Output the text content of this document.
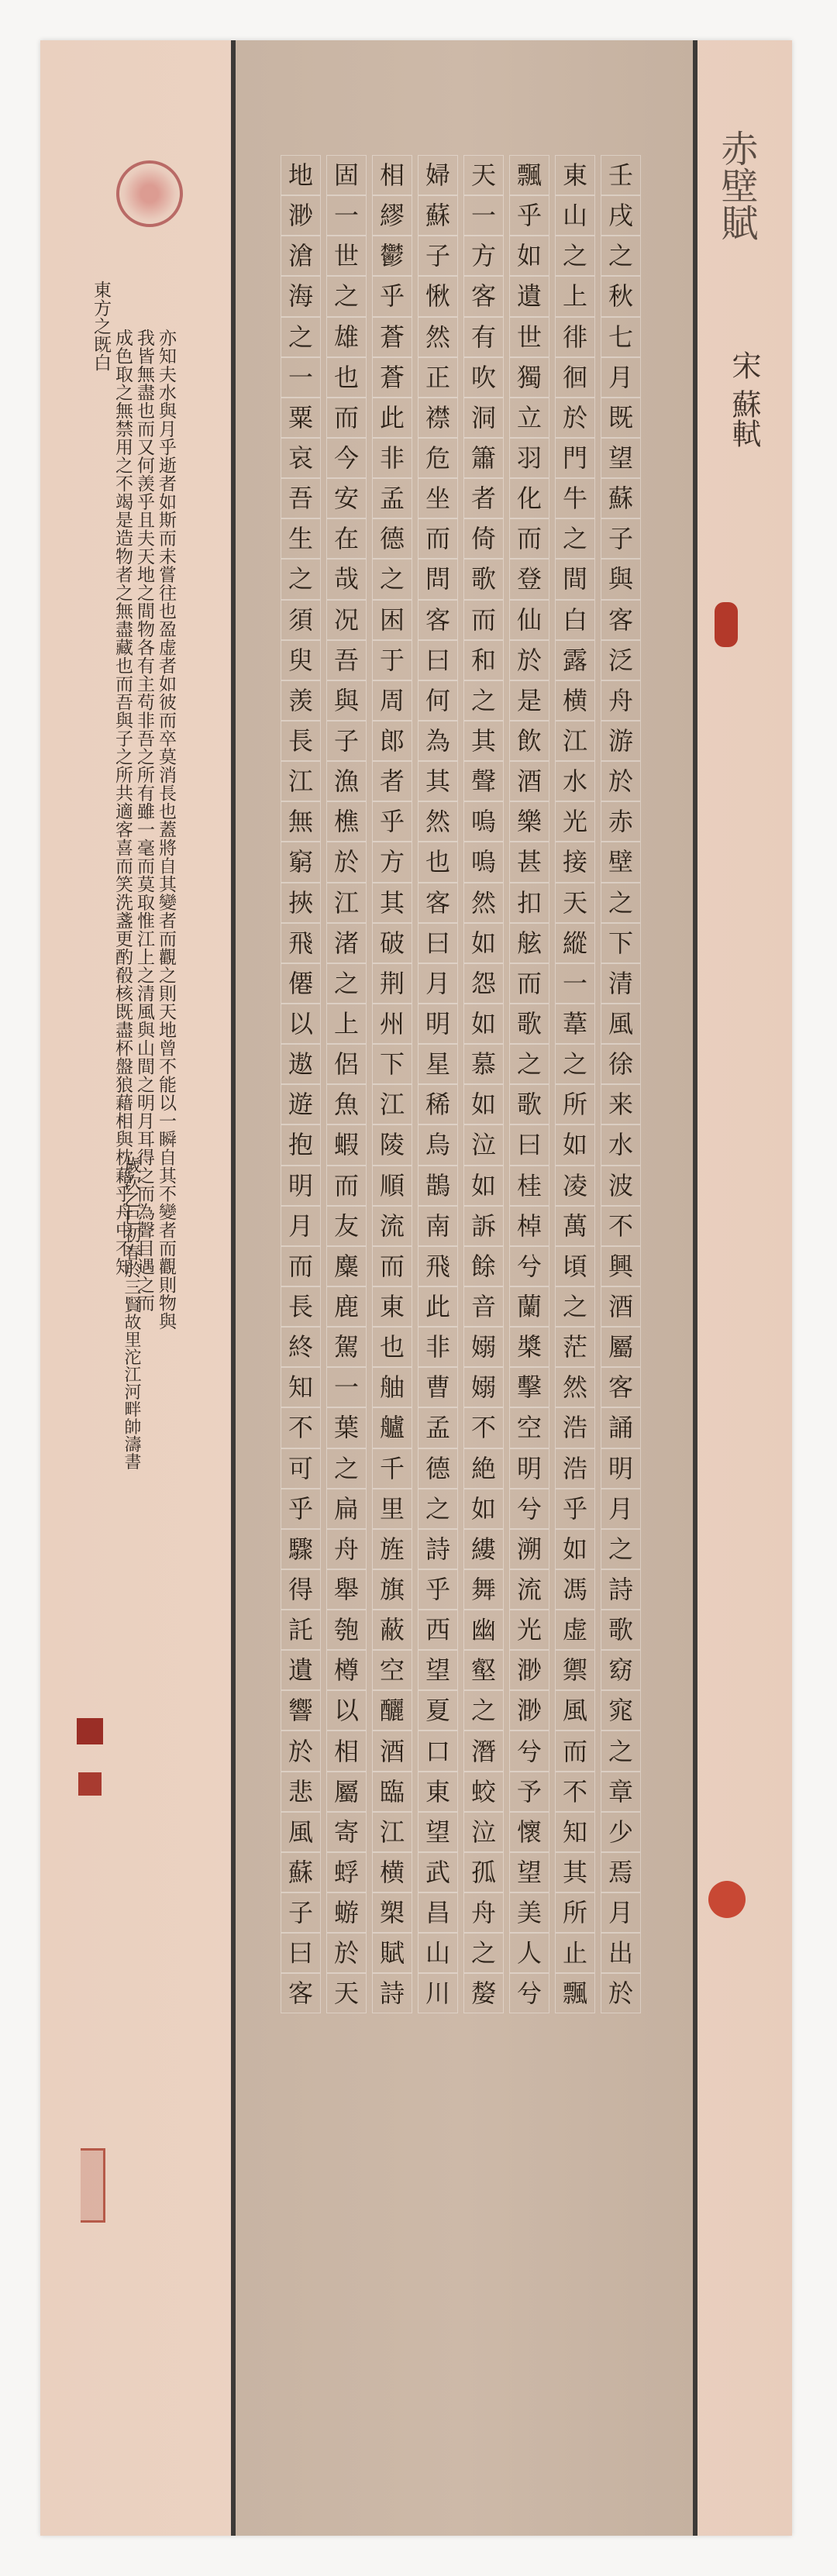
亦知夫水與月乎逝者如斯而未嘗往也盈虚者如彼而卒莫消長也蓋將自其變者而觀之則天地曾不能以一瞬自其不變者而觀則物與
我皆無盡也而又何羡乎且夫天地之間物各有主苟非吾之所有雖一毫而莫取惟江上之清風與山間之明月耳得之而為聲目遇之而
成色取之無禁用之不竭是造物者之無盡藏也而吾與子之所共適客喜而笑洗盞更酌殽核既盡杯盤狼藉相與枕藉乎舟中不知
東方之既白
歲次乙巳初春於三賢故里沱江河畔帥濤書
壬
戌
之
秋
七
月
既
望
蘇
子
與
客
泛
舟
游
於
赤
壁
之
下
清
風
徐
来
水
波
不
興
酒
屬
客
誦
明
月
之
詩
歌
窈
窕
之
章
少
焉
月
出
於
東
山
之
上
徘
徊
於
門
牛
之
間
白
露
横
江
水
光
接
天
縱
一
葦
之
所
如
凌
萬
頃
之
茫
然
浩
浩
乎
如
馮
虚
禦
風
而
不
知
其
所
止
飄
飄
乎
如
遺
世
獨
立
羽
化
而
登
仙
於
是
飲
酒
樂
甚
扣
舷
而
歌
之
歌
曰
桂
棹
兮
蘭
槳
擊
空
明
兮
溯
流
光
渺
渺
兮
予
懷
望
美
人
兮
天
一
方
客
有
吹
洞
簫
者
倚
歌
而
和
之
其
聲
嗚
嗚
然
如
怨
如
慕
如
泣
如
訴
餘
音
嫋
嫋
不
絶
如
縷
舞
幽
壑
之
潛
蛟
泣
孤
舟
之
嫠
婦
蘇
子
愀
然
正
襟
危
坐
而
問
客
曰
何
為
其
然
也
客
曰
月
明
星
稀
烏
鵲
南
飛
此
非
曹
孟
德
之
詩
乎
西
望
夏
口
東
望
武
昌
山
川
相
繆
鬱
乎
蒼
蒼
此
非
孟
德
之
困
于
周
郎
者
乎
方
其
破
荆
州
下
江
陵
順
流
而
東
也
舳
艫
千
里
旌
旗
蔽
空
釃
酒
臨
江
横
槊
賦
詩
固
一
世
之
雄
也
而
今
安
在
哉
况
吾
與
子
漁
樵
於
江
渚
之
上
侶
魚
蝦
而
友
麋
鹿
駕
一
葉
之
扁
舟
舉
匏
樽
以
相
屬
寄
蜉
蝣
於
天
地
渺
滄
海
之
一
粟
哀
吾
生
之
須
臾
羡
長
江
無
窮
挾
飛
僊
以
遨
遊
抱
明
月
而
長
終
知
不
可
乎
驟
得
託
遺
響
於
悲
風
蘇
子
曰
客
赤壁賦
宋 蘇軾
